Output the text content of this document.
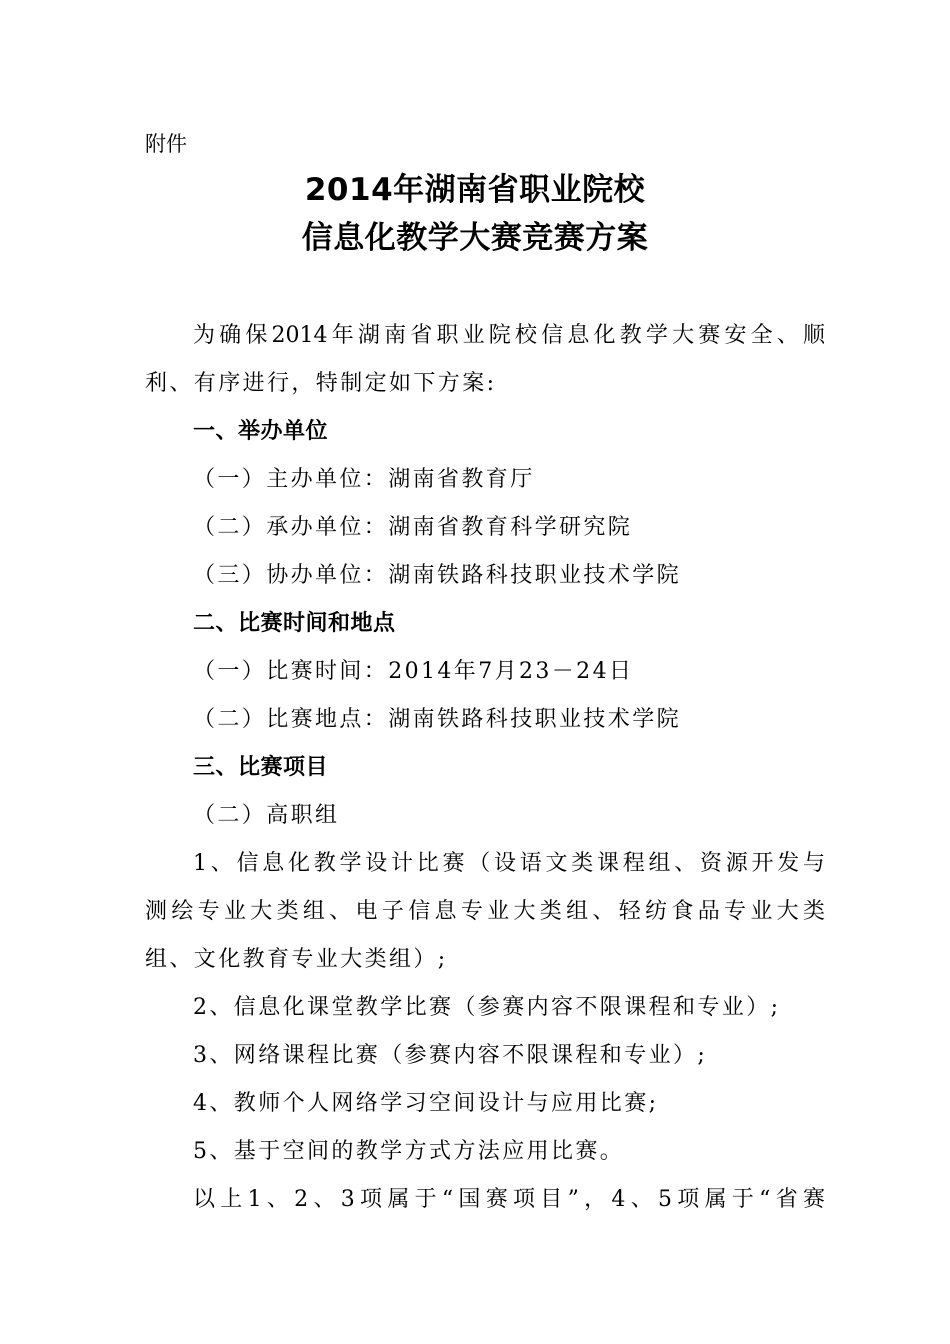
附件
2014年湖南省职业院校
信息化教学大赛竞赛方案
为确保2014年湖南省职业院校信息化教学大赛安全、顺
利、有序进行，特制定如下方案:
一、举办单位
（一）主办单位：湖南省教育厅
（二）承办单位：湖南省教育科学研究院
（三）协办单位：湖南铁路科技职业技术学院
二、比赛时间和地点
（一）比赛时间：2014年7月23－24日
（二）比赛地点：湖南铁路科技职业技术学院
三、比赛项目
（二）高职组
1、信息化教学设计比赛（设语文类课程组、资源开发与
测绘专业大类组、电子信息专业大类组、轻纺食品专业大类
组、文化教育专业大类组）;
2、信息化课堂教学比赛（参赛内容不限课程和专业）;
3、网络课程比赛（参赛内容不限课程和专业）;
4、教师个人网络学习空间设计与应用比赛;
5、基于空间的教学方式方法应用比赛。
以上1、2、3项属于“国赛项目”，4、5项属于“省赛
